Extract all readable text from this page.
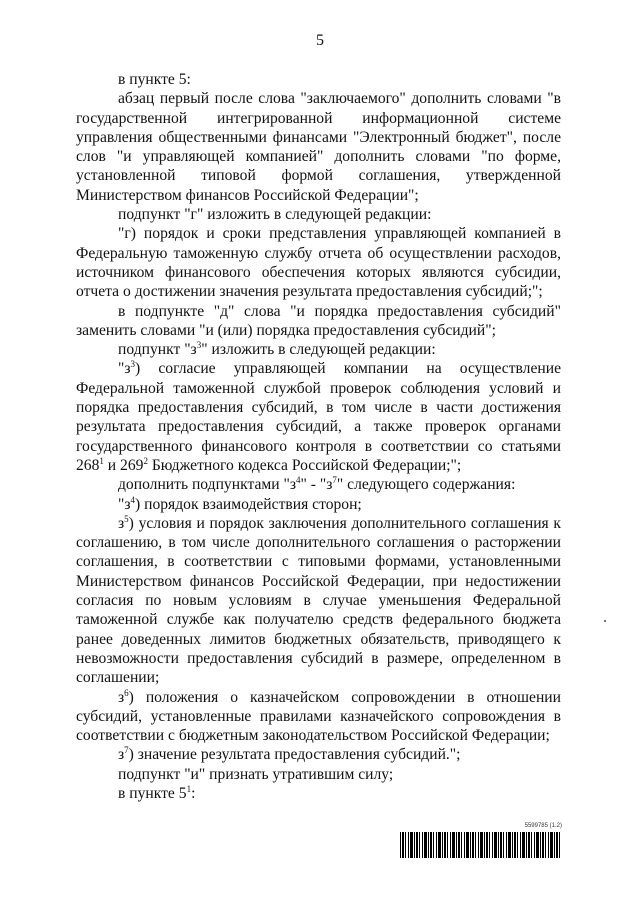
5

в пункте 5:

абзац первый после слова "заключаемого" дополнить словами "в государственной интегрированной информационной системе управления общественными финансами "Электронный бюджет", после слов "и управляющей компанией" дополнить словами "по форме, установленной типовой формой соглашения, утвержденной Министерством финансов Российской Федерации";

подпункт "г" изложить в следующей редакции:

"г) порядок и сроки представления управляющей компанией в Федеральную таможенную службу отчета об осуществлении расходов, источником финансового обеспечения которых являются субсидии, отчета о достижении значения результата предоставления субсидий;";

в подпункте "д" слова "и порядка предоставления субсидий" заменить словами "и (или) порядка предоставления субсидий";

подпункт "$з^3$" изложить в следующей редакции:

"$з^3$) согласие управляющей компании на осуществление Федеральной таможенной службой проверок соблюдения условий и порядка предоставления субсидий, в том числе в части достижения результата предоставления субсидий, а также проверок органами государственного финансового контроля в соответствии со статьями $268^1$ и $269^2$ Бюджетного кодекса Российской Федерации;";

дополнить подпунктами "$з^4$" - "$з^7$" следующего содержания:

"$з^4$) порядок взаимодействия сторон;

$з^5$) условия и порядок заключения дополнительного соглашения к соглашению, в том числе дополнительного соглашения о расторжении соглашения, в соответствии с типовыми формами, установленными Министерством финансов Российской Федерации, при недостижении согласия по новым условиям в случае уменьшения Федеральной таможенной службе как получателю средств федерального бюджета ранее доведенных лимитов бюджетных обязательств, приводящего к невозможности предоставления субсидий в размере, определенном в соглашении;

$з^6$) положения о казначейском сопровождении в отношении субсидий, установленные правилами казначейского сопровождения в соответствии с бюджетным законодательством Российской Федерации;

$з^7$) значение результата предоставления субсидий.";

подпункт "и" признать утратившим силу;

в пункте $5^1$:

5599785 (1.2)
